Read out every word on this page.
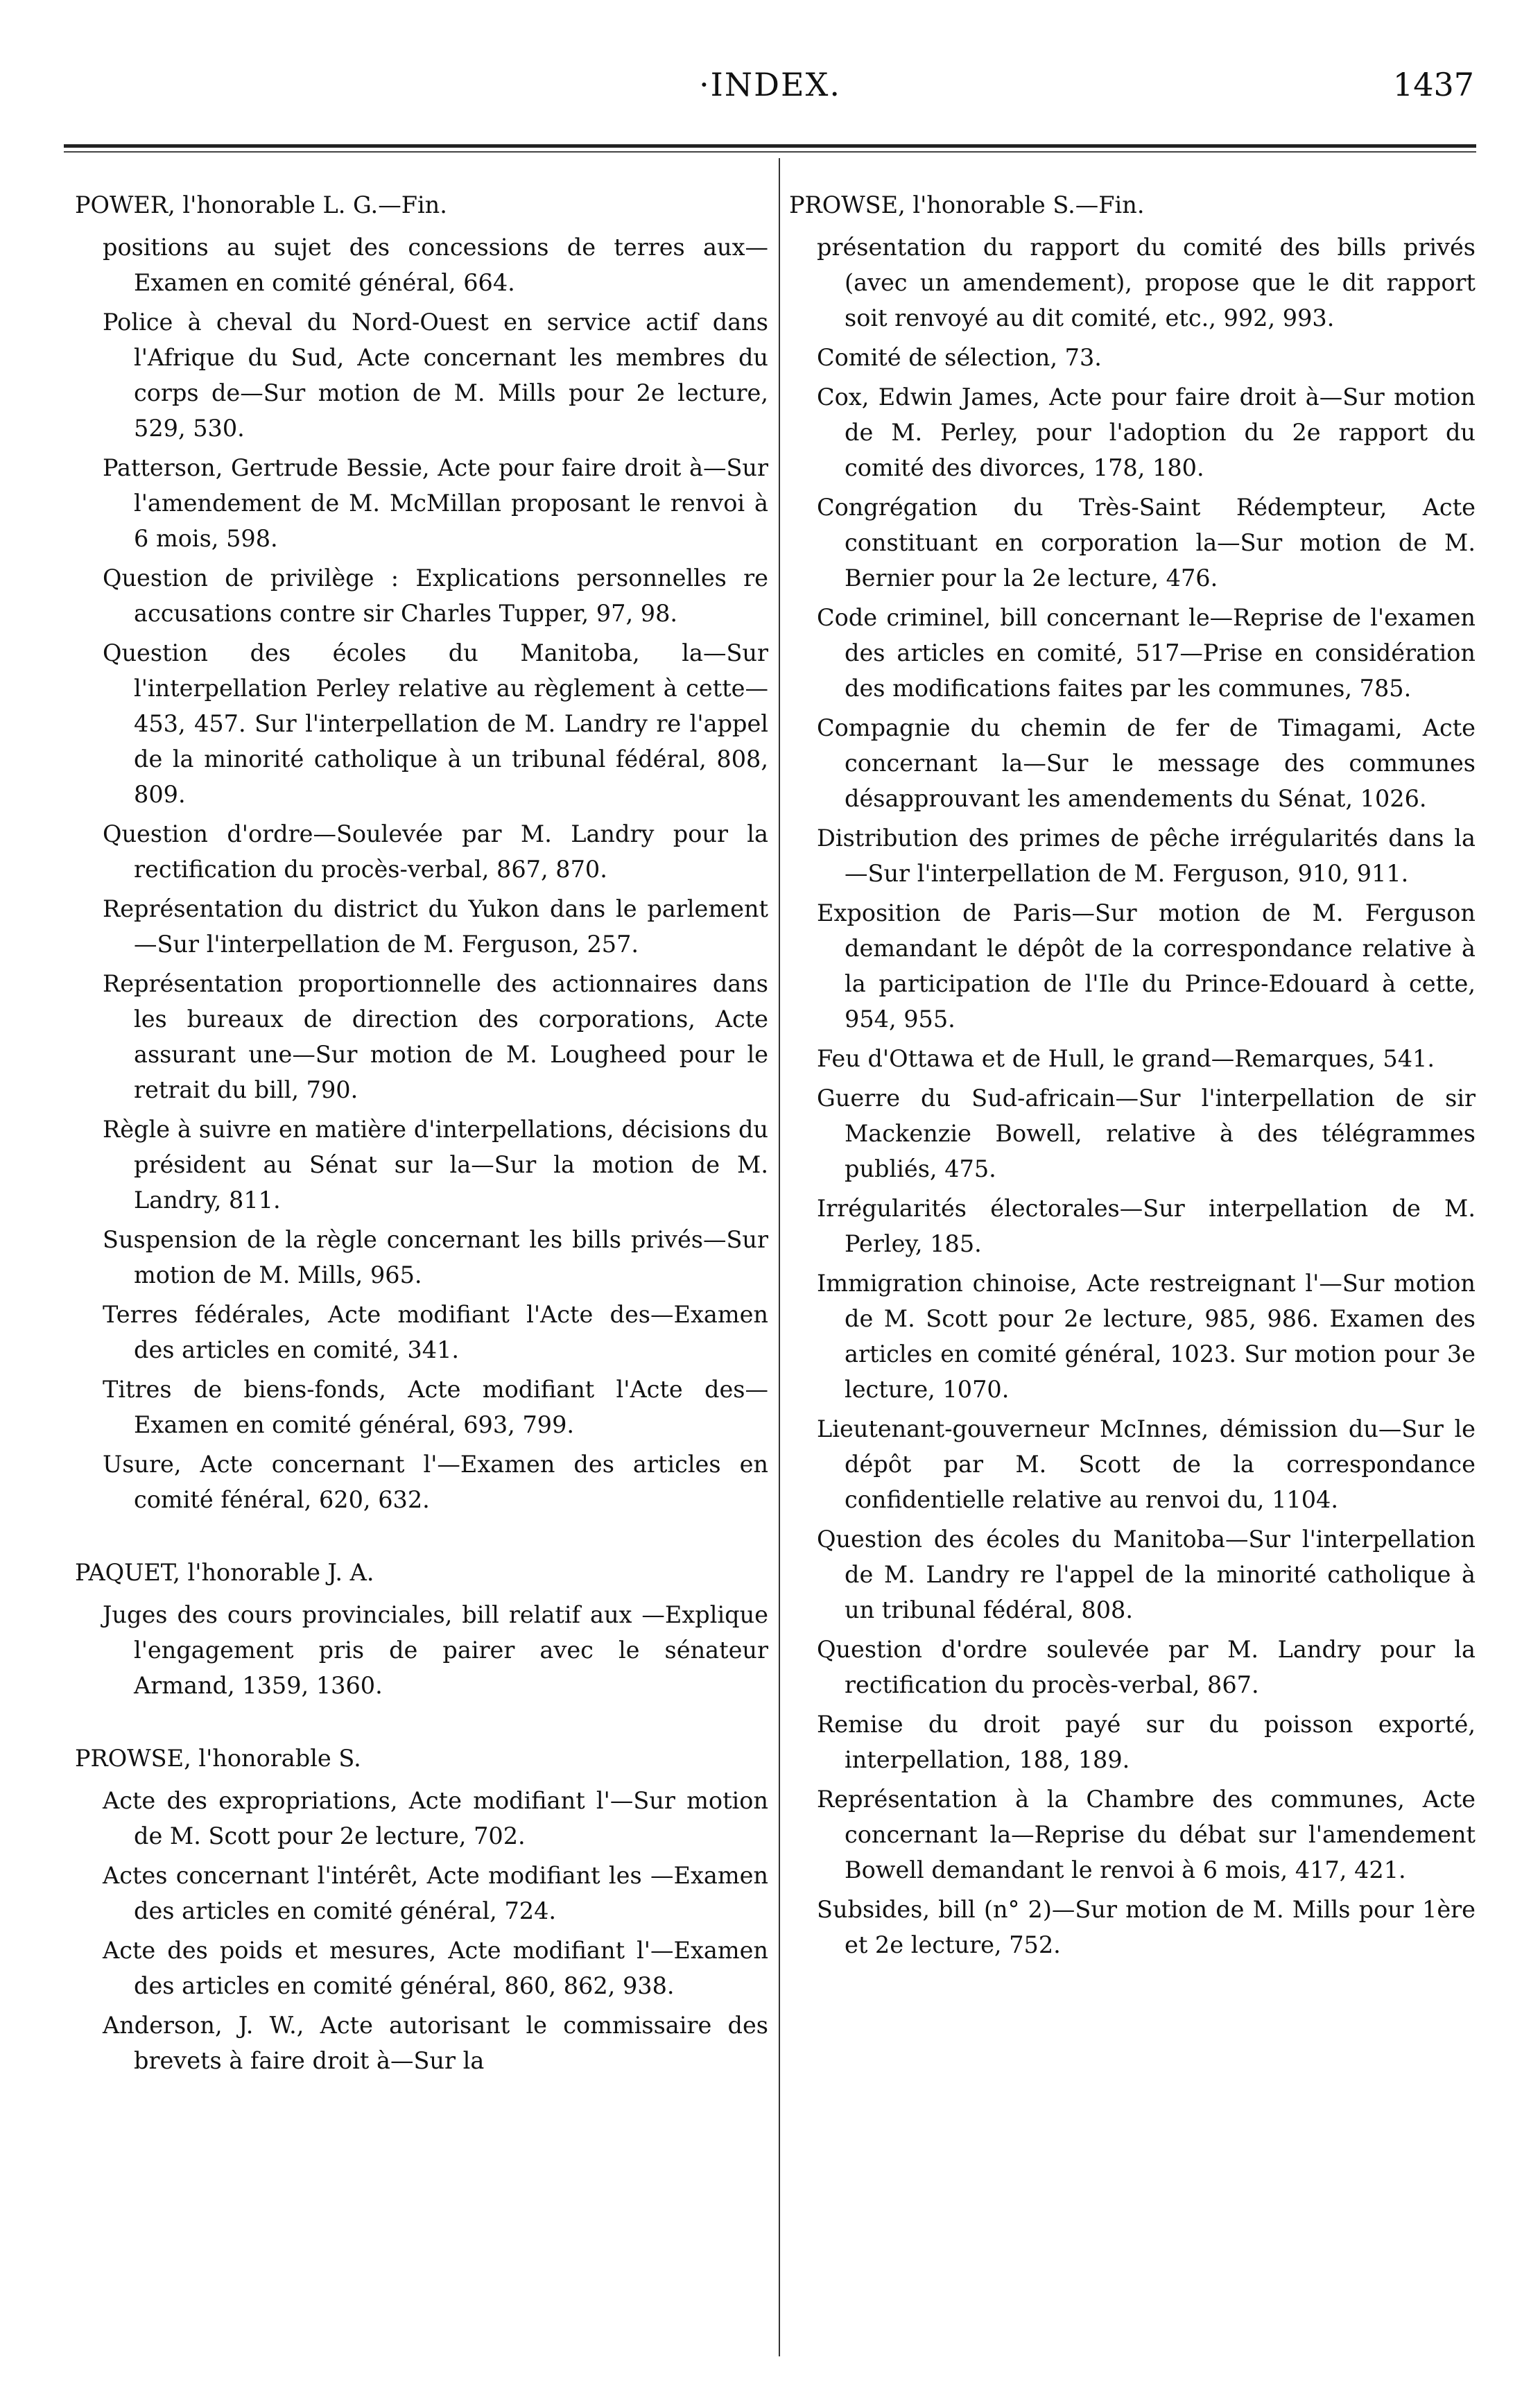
·INDEX.	1437
POWER, l'honorable L. G.—Fin.
positions au sujet des concessions de terres aux—Examen en comité général, 664.
Police à cheval du Nord-Ouest en service actif dans l'Afrique du Sud, Acte concernant les membres du corps de—Sur motion de M. Mills pour 2e lecture, 529, 530.
Patterson, Gertrude Bessie, Acte pour faire droit à—Sur l'amendement de M. McMillan proposant le renvoi à 6 mois, 598.
Question de privilège : Explications personnelles re accusations contre sir Charles Tupper, 97, 98.
Question des écoles du Manitoba, la—Sur l'interpellation Perley relative au règlement à cette—453, 457. Sur l'interpellation de M. Landry re l'appel de la minorité catholique à un tribunal fédéral, 808, 809.
Question d'ordre—Soulevée par M. Landry pour la rectification du procès-verbal, 867, 870.
Représentation du district du Yukon dans le parlement—Sur l'interpellation de M. Ferguson, 257.
Représentation proportionnelle des actionnaires dans les bureaux de direction des corporations, Acte assurant une—Sur motion de M. Lougheed pour le retrait du bill, 790.
Règle à suivre en matière d'interpellations, décisions du président au Sénat sur la—Sur la motion de M. Landry, 811.
Suspension de la règle concernant les bills privés—Sur motion de M. Mills, 965.
Terres fédérales, Acte modifiant l'Acte des—Examen des articles en comité, 341.
Titres de biens-fonds, Acte modifiant l'Acte des—Examen en comité général, 693, 799.
Usure, Acte concernant l'—Examen des articles en comité fénéral, 620, 632.
PAQUET, l'honorable J. A.
Juges des cours provinciales, bill relatif aux —Explique l'engagement pris de pairer avec le sénateur Armand, 1359, 1360.
PROWSE, l'honorable S.
Acte des expropriations, Acte modifiant l'—Sur motion de M. Scott pour 2e lecture, 702.
Actes concernant l'intérêt, Acte modifiant les —Examen des articles en comité général, 724.
Acte des poids et mesures, Acte modifiant l'—Examen des articles en comité général, 860, 862, 938.
Anderson, J. W., Acte autorisant le commissaire des brevets à faire droit à—Sur la
PROWSE, l'honorable S.—Fin.
présentation du rapport du comité des bills privés (avec un amendement), propose que le dit rapport soit renvoyé au dit comité, etc., 992, 993.
Comité de sélection, 73.
Cox, Edwin James, Acte pour faire droit à—Sur motion de M. Perley, pour l'adoption du 2e rapport du comité des divorces, 178, 180.
Congrégation du Très-Saint Rédempteur, Acte constituant en corporation la—Sur motion de M. Bernier pour la 2e lecture, 476.
Code criminel, bill concernant le—Reprise de l'examen des articles en comité, 517—Prise en considération des modifications faites par les communes, 785.
Compagnie du chemin de fer de Timagami, Acte concernant la—Sur le message des communes désapprouvant les amendements du Sénat, 1026.
Distribution des primes de pêche irrégularités dans la—Sur l'interpellation de M. Ferguson, 910, 911.
Exposition de Paris—Sur motion de M. Ferguson demandant le dépôt de la correspondance relative à la participation de l'Ile du Prince-Edouard à cette, 954, 955.
Feu d'Ottawa et de Hull, le grand—Remarques, 541.
Guerre du Sud-africain—Sur l'interpellation de sir Mackenzie Bowell, relative à des télégrammes publiés, 475.
Irrégularités électorales—Sur interpellation de M. Perley, 185.
Immigration chinoise, Acte restreignant l'—Sur motion de M. Scott pour 2e lecture, 985, 986. Examen des articles en comité général, 1023. Sur motion pour 3e lecture, 1070.
Lieutenant-gouverneur McInnes, démission du—Sur le dépôt par M. Scott de la correspondance confidentielle relative au renvoi du, 1104.
Question des écoles du Manitoba—Sur l'interpellation de M. Landry re l'appel de la minorité catholique à un tribunal fédéral, 808.
Question d'ordre soulevée par M. Landry pour la rectification du procès-verbal, 867.
Remise du droit payé sur du poisson exporté, interpellation, 188, 189.
Représentation à la Chambre des communes, Acte concernant la—Reprise du débat sur l'amendement Bowell demandant le renvoi à 6 mois, 417, 421.
Subsides, bill (n° 2)—Sur motion de M. Mills pour 1ère et 2e lecture, 752.
